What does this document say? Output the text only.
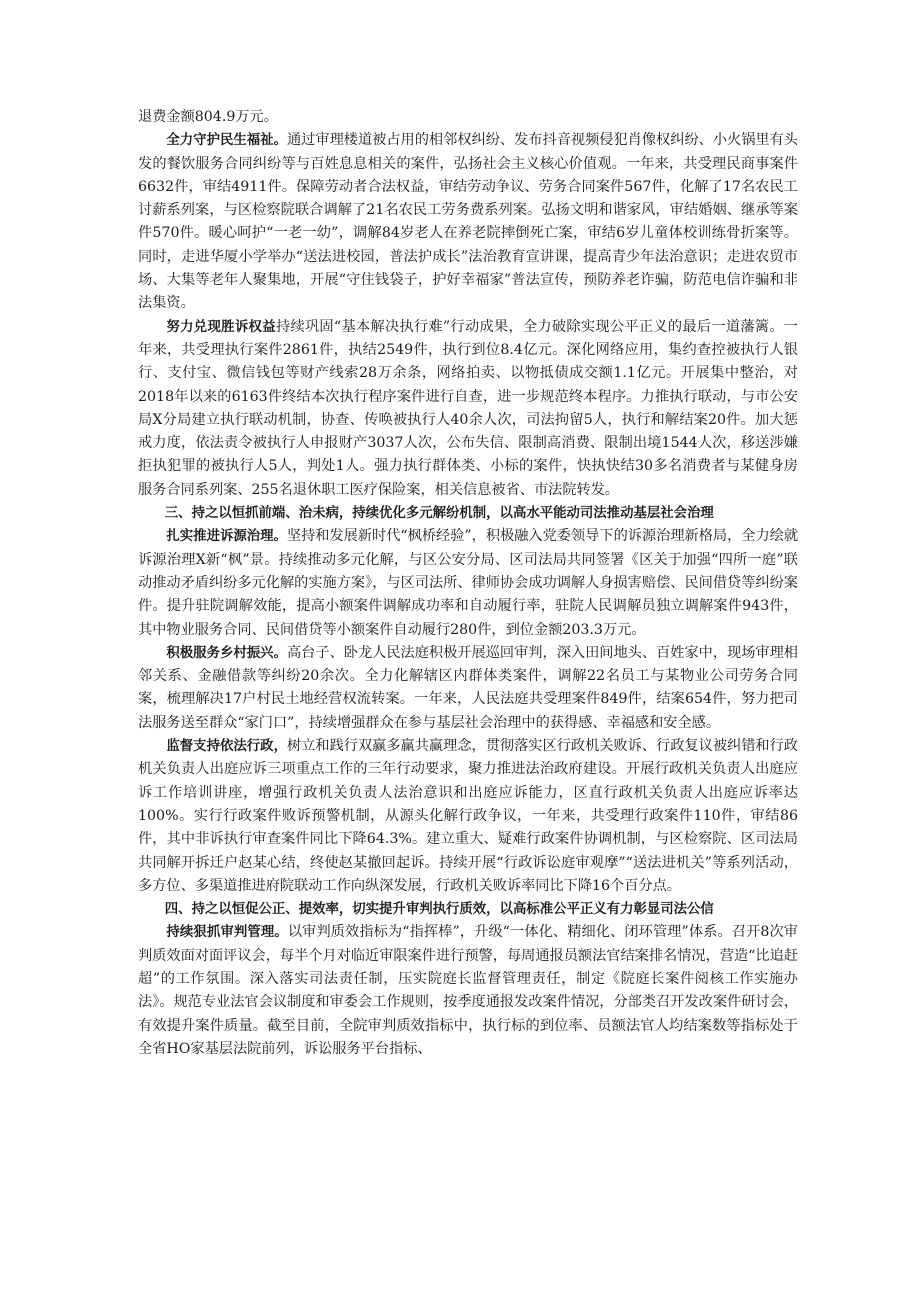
退费金额804.9万元。

全力守护民生福祉。通过审理楼道被占用的相邻权纠纷、发布抖音视频侵犯肖像权纠纷、小火锅里有头发的餐饮服务合同纠纷等与百姓息息相关的案件，弘扬社会主义核心价值观。一年来，共受理民商事案件6632件，审结4911件。保障劳动者合法权益，审结劳动争议、劳务合同案件567件，化解了17名农民工讨薪系列案，与区检察院联合调解了21名农民工劳务费系列案。弘扬文明和谐家风，审结婚姻、继承等案件570件。暖心呵护“一老一幼”，调解84岁老人在养老院摔倒死亡案，审结6岁儿童体校训练骨折案等。同时，走进华厦小学举办“送法进校园，普法护成长”法治教育宣讲课，提高青少年法治意识；走进农贸市场、大集等老年人聚集地，开展“守住钱袋子，护好幸福家”普法宣传，预防养老诈骗，防范电信诈骗和非法集资。

努力兑现胜诉权益持续巩固“基本解决执行难”行动成果，全力破除实现公平正义的最后一道藩篱。一年来，共受理执行案件2861件，执结2549件，执行到位8.4亿元。深化网络应用，集约查控被执行人银行、支付宝、微信钱包等财产线索28万余条，网络拍卖、以物抵债成交额1.1亿元。开展集中整治，对2018年以来的6163件终结本次执行程序案件进行自查，进一步规范终本程序。力推执行联动，与市公安局X分局建立执行联动机制，协查、传唤被执行人40余人次，司法拘留5人，执行和解结案20件。加大惩戒力度，依法责令被执行人申报财产3037人次，公布失信、限制高消费、限制出境1544人次，移送涉嫌拒执犯罪的被执行人5人，判处1人。强力执行群体类、小标的案件，快执快结30多名消费者与某健身房服务合同系列案、255名退休职工医疗保险案，相关信息被省、市法院转发。

三、持之以恒抓前端、治未病，持续优化多元解纷机制，以高水平能动司法推动基层社会治理

扎实推进诉源治理。坚持和发展新时代“枫桥经验”，积极融入党委领导下的诉源治理新格局，全力绘就诉源治理X新“枫”景。持续推动多元化解，与区公安分局、区司法局共同签署《区关于加强“四所一庭”联动推动矛盾纠纷多元化解的实施方案》，与区司法所、律师协会成功调解人身损害赔偿、民间借贷等纠纷案件。提升驻院调解效能，提高小额案件调解成功率和自动履行率，驻院人民调解员独立调解案件943件，其中物业服务合同、民间借贷等小额案件自动履行280件，到位金额203.3万元。

积极服务乡村振兴。高台子、卧龙人民法庭积极开展巡回审判，深入田间地头、百姓家中，现场审理相邻关系、金融借款等纠纷20余次。全力化解辖区内群体类案件，调解22名员工与某物业公司劳务合同案，梳理解决17户村民土地经营权流转案。一年来，人民法庭共受理案件849件，结案654件，努力把司法服务送至群众“家门口”，持续增强群众在参与基层社会治理中的获得感、幸福感和安全感。

监督支持依法行政，树立和践行双赢多赢共赢理念，贯彻落实区行政机关败诉、行政复议被纠错和行政机关负责人出庭应诉三项重点工作的三年行动要求，聚力推进法治政府建设。开展行政机关负责人出庭应诉工作培训讲座，增强行政机关负责人法治意识和出庭应诉能力，区直行政机关负责人出庭应诉率达100%。实行行政案件败诉预警机制，从源头化解行政争议，一年来，共受理行政案件110件，审结86件，其中非诉执行审查案件同比下降64.3%。建立重大、疑难行政案件协调机制，与区检察院、区司法局共同解开拆迁户赵某心结，终使赵某撤回起诉。持续开展“行政诉讼庭审观摩”“送法进机关”等系列活动，多方位、多渠道推进府院联动工作向纵深发展，行政机关败诉率同比下降16个百分点。

四、持之以恒促公正、提效率，切实提升审判执行质效，以高标准公平正义有力彰显司法公信

持续狠抓审判管理。以审判质效指标为“指挥棒”，升级“一体化、精细化、闭环管理”体系。召开8次审判质效面对面评议会，每半个月对临近审限案件进行预警，每周通报员额法官结案排名情况，营造“比追赶超”的工作氛围。深入落实司法责任制，压实院庭长监督管理责任，制定《院庭长案件阅核工作实施办法》。规范专业法官会议制度和审委会工作规则，按季度通报发改案件情况，分部类召开发改案件研讨会，有效提升案件质量。截至目前，全院审判质效指标中，执行标的到位率、员额法官人均结案数等指标处于全省HO家基层法院前列，诉讼服务平台指标、
